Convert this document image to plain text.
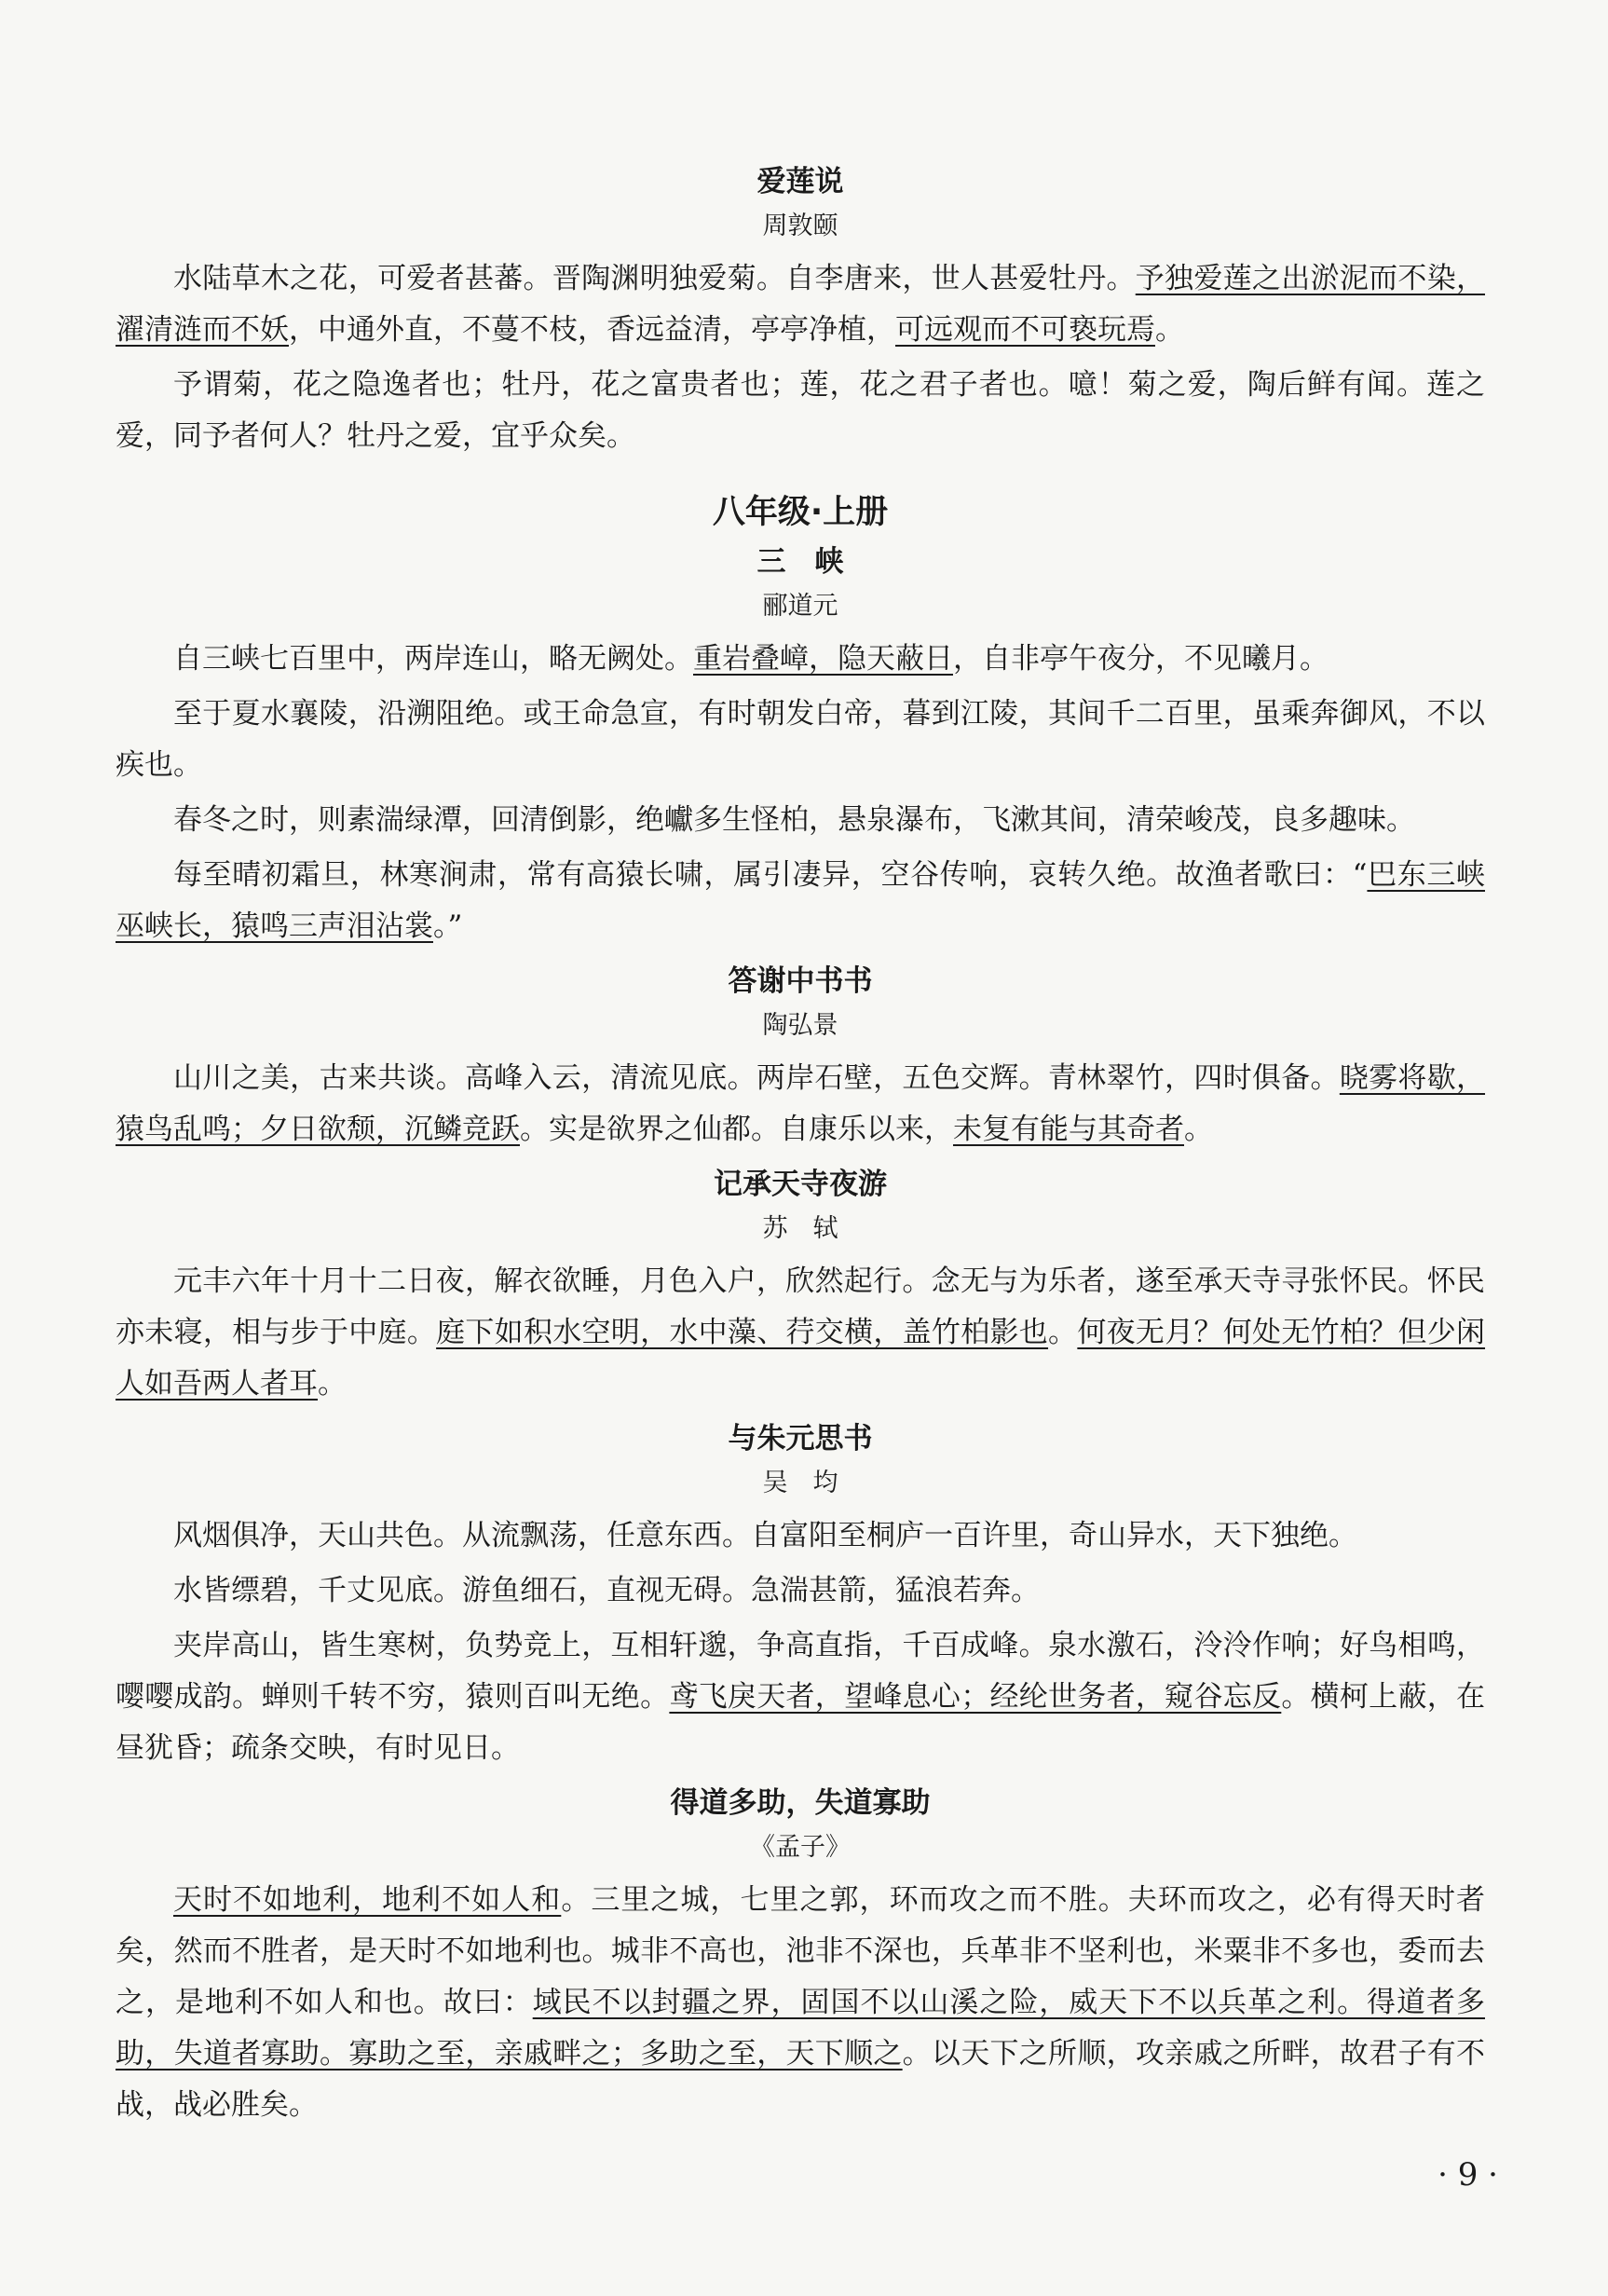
爱莲说
周敦颐

水陆草木之花，可爱者甚蕃。晋陶渊明独爱菊。自李唐来，世人甚爱牡丹。予独爱莲之出淤泥而不染，濯清涟而不妖，中通外直，不蔓不枝，香远益清，亭亭净植，可远观而不可亵玩焉。

予谓菊，花之隐逸者也；牡丹，花之富贵者也；莲，花之君子者也。噫！菊之爱，陶后鲜有闻。莲之爱，同予者何人？牡丹之爱，宜乎众矣。

八年级·上册
三　峡
郦道元

自三峡七百里中，两岸连山，略无阙处。重岩叠嶂，隐天蔽日，自非亭午夜分，不见曦月。

至于夏水襄陵，沿溯阻绝。或王命急宣，有时朝发白帝，暮到江陵，其间千二百里，虽乘奔御风，不以疾也。

春冬之时，则素湍绿潭，回清倒影，绝巘多生怪柏，悬泉瀑布，飞漱其间，清荣峻茂，良多趣味。

每至晴初霜旦，林寒涧肃，常有高猿长啸，属引凄异，空谷传响，哀转久绝。故渔者歌曰：“巴东三峡巫峡长，猿鸣三声泪沾裳。”

答谢中书书
陶弘景

山川之美，古来共谈。高峰入云，清流见底。两岸石壁，五色交辉。青林翠竹，四时俱备。晓雾将歇，猿鸟乱鸣；夕日欲颓，沉鳞竞跃。实是欲界之仙都。自康乐以来，未复有能与其奇者。

记承天寺夜游
苏　轼

元丰六年十月十二日夜，解衣欲睡，月色入户，欣然起行。念无与为乐者，遂至承天寺寻张怀民。怀民亦未寝，相与步于中庭。庭下如积水空明，水中藻、荇交横，盖竹柏影也。何夜无月？何处无竹柏？但少闲人如吾两人者耳。

与朱元思书
吴　均

风烟俱净，天山共色。从流飘荡，任意东西。自富阳至桐庐一百许里，奇山异水，天下独绝。

水皆缥碧，千丈见底。游鱼细石，直视无碍。急湍甚箭，猛浪若奔。

夹岸高山，皆生寒树，负势竞上，互相轩邈，争高直指，千百成峰。泉水激石，泠泠作响；好鸟相鸣，嘤嘤成韵。蝉则千转不穷，猿则百叫无绝。鸢飞戾天者，望峰息心；经纶世务者，窥谷忘反。横柯上蔽，在昼犹昏；疏条交映，有时见日。

得道多助，失道寡助
《孟子》

天时不如地利，地利不如人和。三里之城，七里之郭，环而攻之而不胜。夫环而攻之，必有得天时者矣，然而不胜者，是天时不如地利也。城非不高也，池非不深也，兵革非不坚利也，米粟非不多也，委而去之，是地利不如人和也。故曰：域民不以封疆之界，固国不以山溪之险，威天下不以兵革之利。得道者多助，失道者寡助。寡助之至，亲戚畔之；多助之至，天下顺之。以天下之所顺，攻亲戚之所畔，故君子有不战，战必胜矣。

· 9 ·
